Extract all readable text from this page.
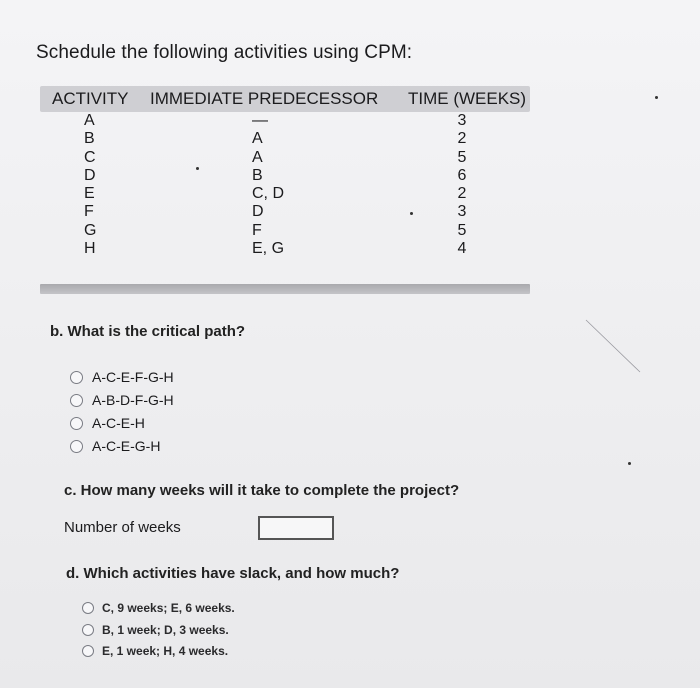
Schedule the following activities using CPM:
ACTIVITY IMMEDIATE PREDECESSOR TIME (WEEKS)
A
B
C
D
E
F
G
H
—
A
A
B
C, D
D
F
E, G
3
2
5
6
2
3
5
4
b. What is the critical path?
A-C-E-F-G-H
A-B-D-F-G-H
A-C-E-H
A-C-E-G-H
c. How many weeks will it take to complete the project?
Number of weeks
d. Which activities have slack, and how much?
C, 9 weeks; E, 6 weeks.
B, 1 week; D, 3 weeks.
E, 1 week; H, 4 weeks.
